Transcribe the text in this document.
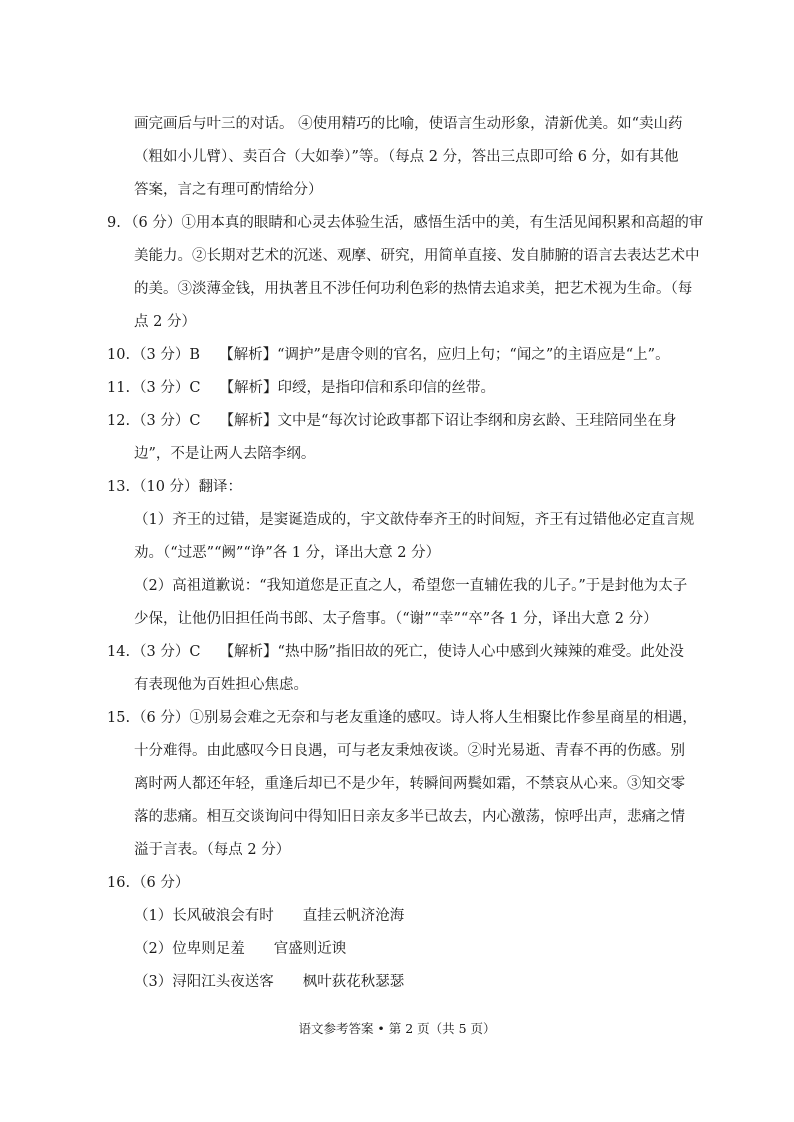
画完画后与叶三的对话。 ④使用精巧的比喻，使语言生动形象，清新优美。如“卖山药
（粗如小儿臂）、卖百合（大如拳）”等。（每点 2 分，答出三点即可给 6 分，如有其他
答案，言之有理可酌情给分）
9. （6 分）①用本真的眼睛和心灵去体验生活，感悟生活中的美，有生活见闻积累和高超的审
美能力。②长期对艺术的沉迷、观摩、研究，用简单直接、发自肺腑的语言去表达艺术中
的美。③淡薄金钱，用执著且不涉任何功利色彩的热情去追求美，把艺术视为生命。（每
点 2 分）
10. （3 分）B　 【解析】“调护”是唐令则的官名，应归上句；“闻之”的主语应是“上”。
11. （3 分）C　 【解析】印绶，是指印信和系印信的丝带。
12. （3 分）C　 【解析】文中是“每次讨论政事都下诏让李纲和房玄龄、王珪陪同坐在身
边”，不是让两人去陪李纲。
13. （10 分）翻译：
（1）齐王的过错，是窦诞造成的，宇文歆侍奉齐王的时间短，齐王有过错他必定直言规
劝。（“过恶”“阙”“诤”各 1 分，译出大意 2 分）
（2）高祖道歉说：“我知道您是正直之人，希望您一直辅佐我的儿子。”于是封他为太子
少保，让他仍旧担任尚书郎、太子詹事。（“谢”“幸”“卒”各 1 分，译出大意 2 分）
14. （3 分）C　 【解析】“热中肠”指旧故的死亡，使诗人心中感到火辣辣的难受。此处没
有表现他为百姓担心焦虑。
15. （6 分）①别易会难之无奈和与老友重逢的感叹。诗人将人生相聚比作参星商星的相遇，
十分难得。由此感叹今日良遇，可与老友秉烛夜谈。②时光易逝、青春不再的伤感。别
离时两人都还年轻，重逢后却已不是少年，转瞬间两鬓如霜，不禁哀从心来。③知交零
落的悲痛。相互交谈询问中得知旧日亲友多半已故去，内心激荡，惊呼出声，悲痛之情
溢于言表。（每点 2 分）
16. （6 分）
（1）长风破浪会有时　　直挂云帆济沧海
（2）位卑则足羞　　官盛则近谀
（3）浔阳江头夜送客　　枫叶荻花秋瑟瑟
语文参考答案 • 第 2 页（共 5 页）
